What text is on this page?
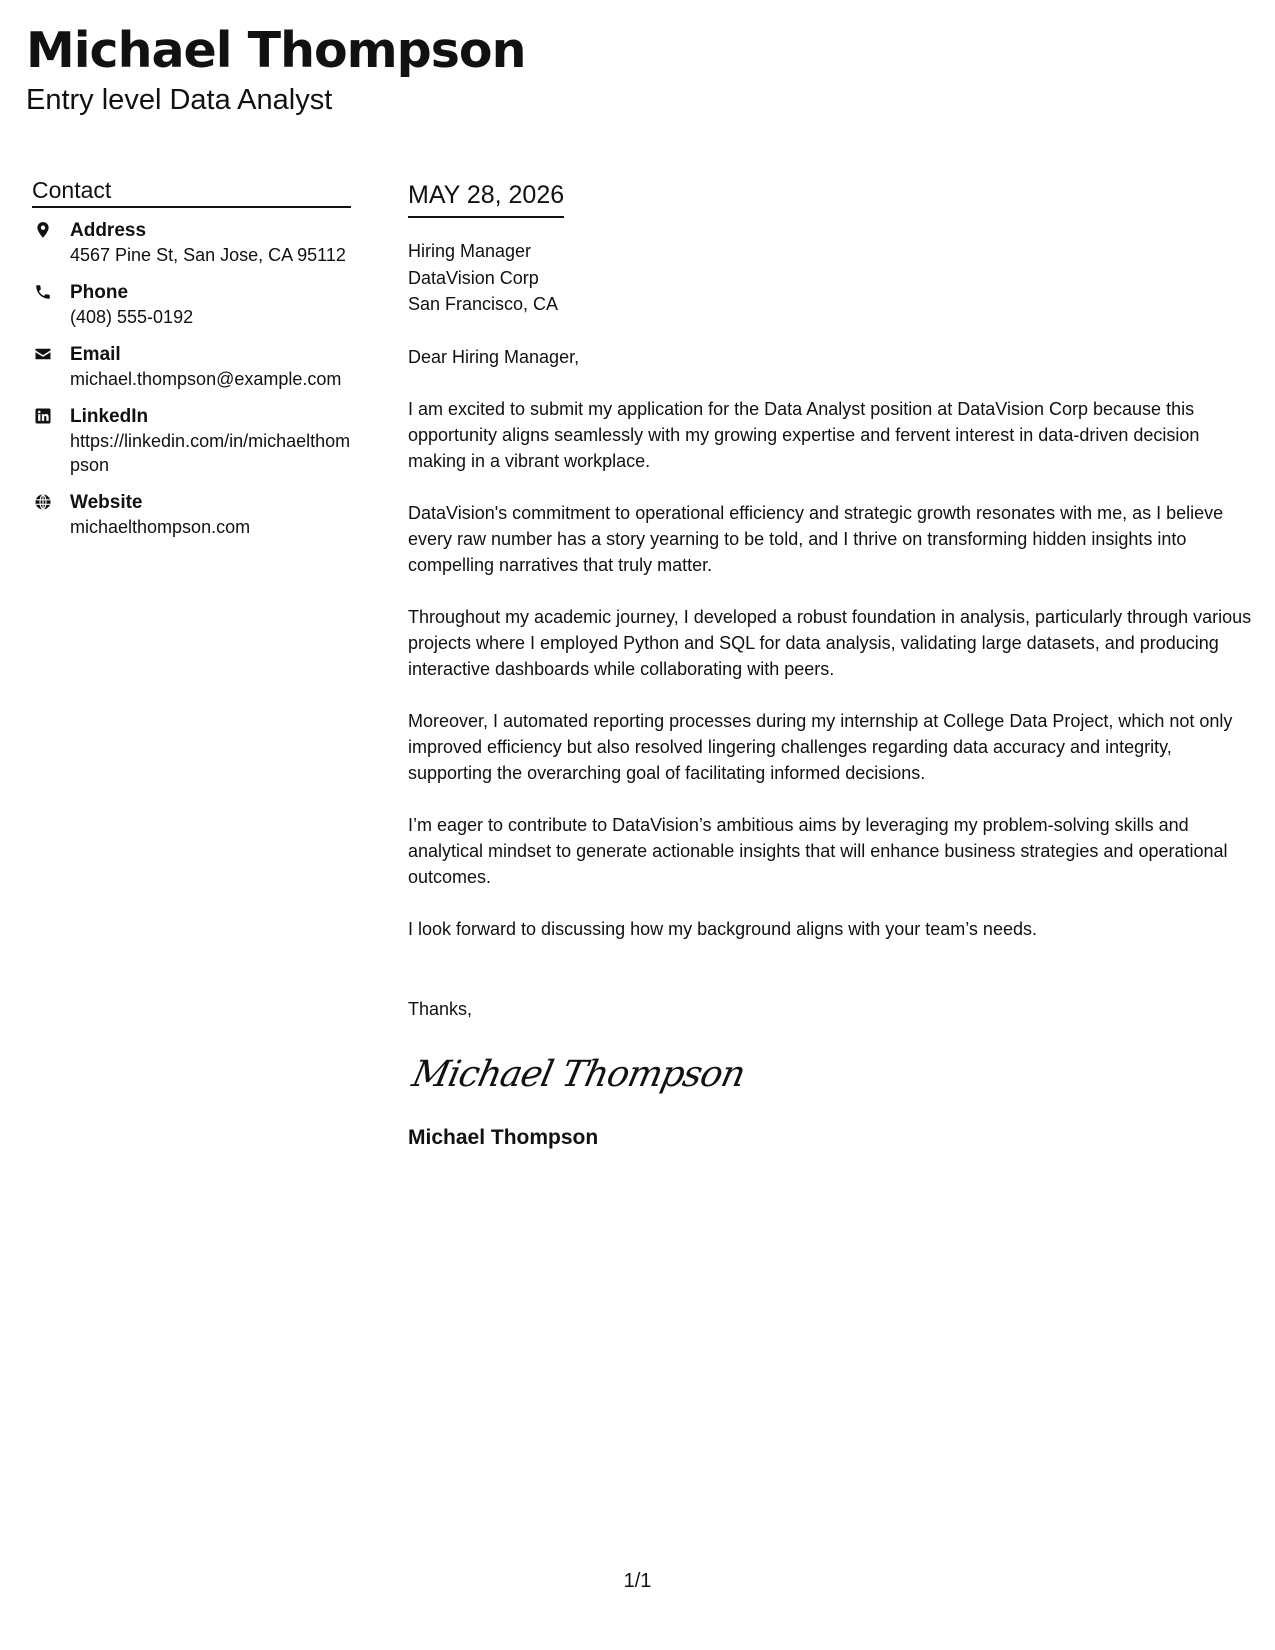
Michael Thompson
Entry level Data Analyst
Contact
Address
4567 Pine St, San Jose, CA 95112
Phone
(408) 555-0192
Email
michael.thompson@example.com
LinkedIn
https://linkedin.com/in/michaelthompson
Website
michaelthompson.com
MAY 28, 2026
Hiring Manager
DataVision Corp
San Francisco, CA
Dear Hiring Manager,

I am excited to submit my application for the Data Analyst position at DataVision Corp because this opportunity aligns seamlessly with my growing expertise and fervent interest in data-driven decision making in a vibrant workplace.

DataVision's commitment to operational efficiency and strategic growth resonates with me, as I believe every raw number has a story yearning to be told, and I thrive on transforming hidden insights into compelling narratives that truly matter.

Throughout my academic journey, I developed a robust foundation in analysis, particularly through various projects where I employed Python and SQL for data analysis, validating large datasets, and producing interactive dashboards while collaborating with peers.

Moreover, I automated reporting processes during my internship at College Data Project, which not only improved efficiency but also resolved lingering challenges regarding data accuracy and integrity, supporting the overarching goal of facilitating informed decisions.

I’m eager to contribute to DataVision’s ambitious aims by leveraging my problem-solving skills and analytical mindset to generate actionable insights that will enhance business strategies and operational outcomes.

I look forward to discussing how my background aligns with your team’s needs.

Thanks,
Michael Thompson
Michael Thompson
1/1
